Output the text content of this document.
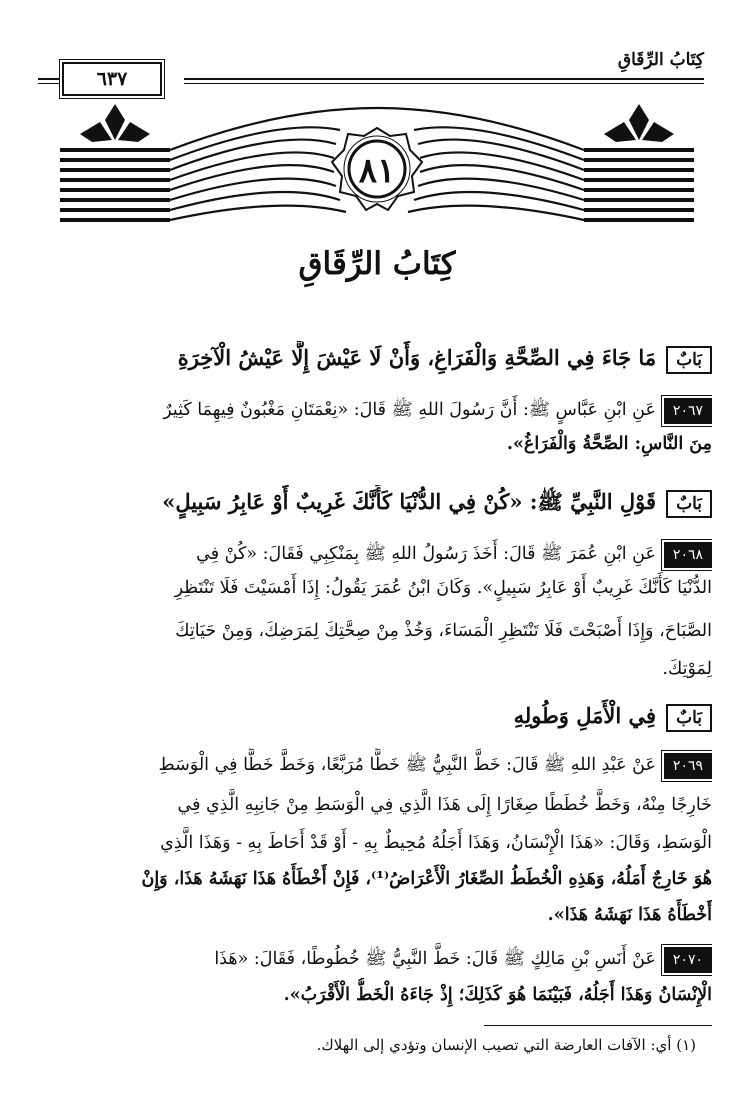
كِتَابُ الرِّقَاقِ
٦٣٧
٨١
كِتَابُ الرِّقَاقِ
بَابٌمَا جَاءَ فِي الصِّحَّةِ وَالْفَرَاغِ، وَأَنْ لَا عَيْشَ إِلَّا عَيْشُ الْآخِرَةِ
٢٠٦٧عَنِ ابْنِ عَبَّاسٍ ﷺ: أَنَّ رَسُولَ اللهِ ﷺ قَالَ: «نِعْمَتَانِ مَغْبُونٌ فِيهِمَا كَثِيرٌ
مِنَ النَّاسِ: الصِّحَّةُ وَالْفَرَاغُ».
بَابٌقَوْلِ النَّبِيِّ ﷺ: «كُنْ فِي الدُّنْيَا كَأَنَّكَ غَرِيبٌ أَوْ عَابِرُ سَبِيلٍ»
٢٠٦٨عَنِ ابْنِ عُمَرَ ﷺ قَالَ: أَخَذَ رَسُولُ اللهِ ﷺ بِمَنْكِبِي فَقَالَ: «كُنْ فِي
الدُّنْيَا كَأَنَّكَ غَرِيبٌ أَوْ عَابِرُ سَبِيلٍ». وَكَانَ ابْنُ عُمَرَ يَقُولُ: إِذَا أَمْسَيْتَ فَلَا تَنْتَظِرِ
الصَّبَاحَ، وَإِذَا أَصْبَحْتَ فَلَا تَنْتَظِرِ الْمَسَاءَ، وَخُذْ مِنْ صِحَّتِكَ لِمَرَضِكَ، وَمِنْ حَيَاتِكَ
لِمَوْتِكَ.
بَابٌفِي الْأَمَلِ وَطُولِهِ
٢٠٦٩عَنْ عَبْدِ اللهِ ﷺ قَالَ: خَطَّ النَّبِيُّ ﷺ خَطًّا مُرَبَّعًا، وَخَطَّ خَطًّا فِي الْوَسَطِ
خَارِجًا مِنْهُ، وَخَطَّ خُطَطًا صِغَارًا إِلَى هَذَا الَّذِي فِي الْوَسَطِ مِنْ جَانِبِهِ الَّذِي فِي
الْوَسَطِ، وَقَالَ: «هَذَا الْإِنْسَانُ، وَهَذَا أَجَلُهُ مُحِيطٌ بِهِ - أَوْ قَدْ أَحَاطَ بِهِ - وَهَذَا الَّذِي
هُوَ خَارِجٌ أَمَلُهُ، وَهَذِهِ الْخُطَطُ الصِّغَارُ الْأَعْرَاضُ⁽¹⁾، فَإِنْ أَخْطَأَهُ هَذَا نَهَشَهُ هَذَا، وَإِنْ
أَخْطَأَهُ هَذَا نَهَشَهُ هَذَا».
٢٠٧٠عَنْ أَنَسِ بْنِ مَالِكٍ ﷺ قَالَ: خَطَّ النَّبِيُّ ﷺ خُطُوطًا، فَقَالَ: «هَذَا
الْإِنْسَانُ وَهَذَا أَجَلُهُ، فَبَيْنَمَا هُوَ كَذَلِكَ؛ إِذْ جَاءَهُ الْخَطُّ الْأَقْرَبُ».
(١) أي: الآفات العارضة التي تصيب الإنسان وتؤدي إلى الهلاك.
